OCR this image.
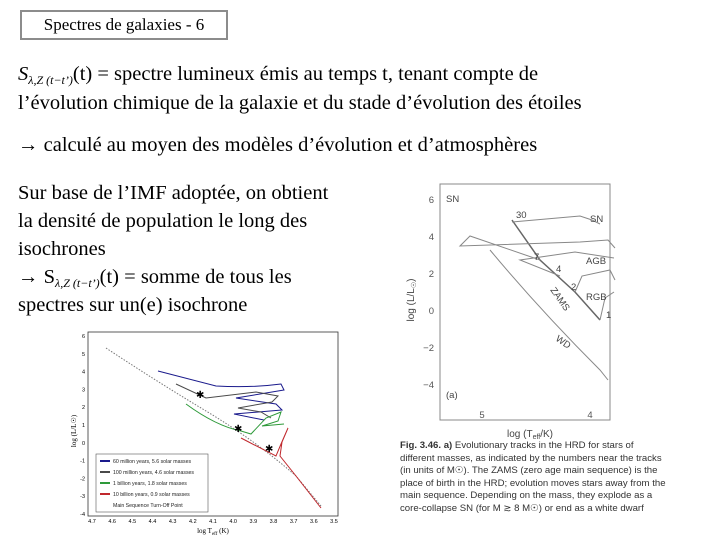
Spectres de galaxies - 6
$S_{\lambda,Z (t-t’)}(t)$ = spectre lumineux émis au temps t, tenant compte de
l’évolution chimique de la galaxie et du stade d’évolution des étoiles
→ calculé au moyen des modèles d’évolution et d’atmosphères
Sur base de l’IMF adoptée, on obtient
la densité de population le long des
isochrones
→ $S_{\lambda,Z (t-t’)}(t)$ = somme de tous les
spectres sur un(e) isochrone
6
5
4
3
2
1
0
-1
-2
-3
-4
4.7 4.6 4.5 4.4 4.3 4.2 4.1 4.0 3.9 3.8 3.7 3.6 3.5
log (L/L☉)
$\log T_{eff}$ (K)
✱
✱
✱
60 million years, 5.6 solar masses
100 million years, 4.6 solar masses
1 billion years, 1.8 solar masses
10 billion years, 0.9 solar masses
Main Sequence Turn-Off Point
6
4
2
0
−2
−4
5	4
$\log (L/L_☉)$
$\log (T_{eff}/K)$
SN
SN
AGB
RGB
ZAMS
WD
(a)
30
7
4
2
1
Fig. 3.46. a) Evolutionary tracks in the HRD for stars of different masses, as indicated by the numbers near the tracks (in units of M☉). The ZAMS (zero age main sequence) is the place of birth in the HRD; evolution moves stars away from the main sequence. Depending on the mass, they explode as a core-collapse SN (for M ≳ 8 M☉) or end as a white dwarf
